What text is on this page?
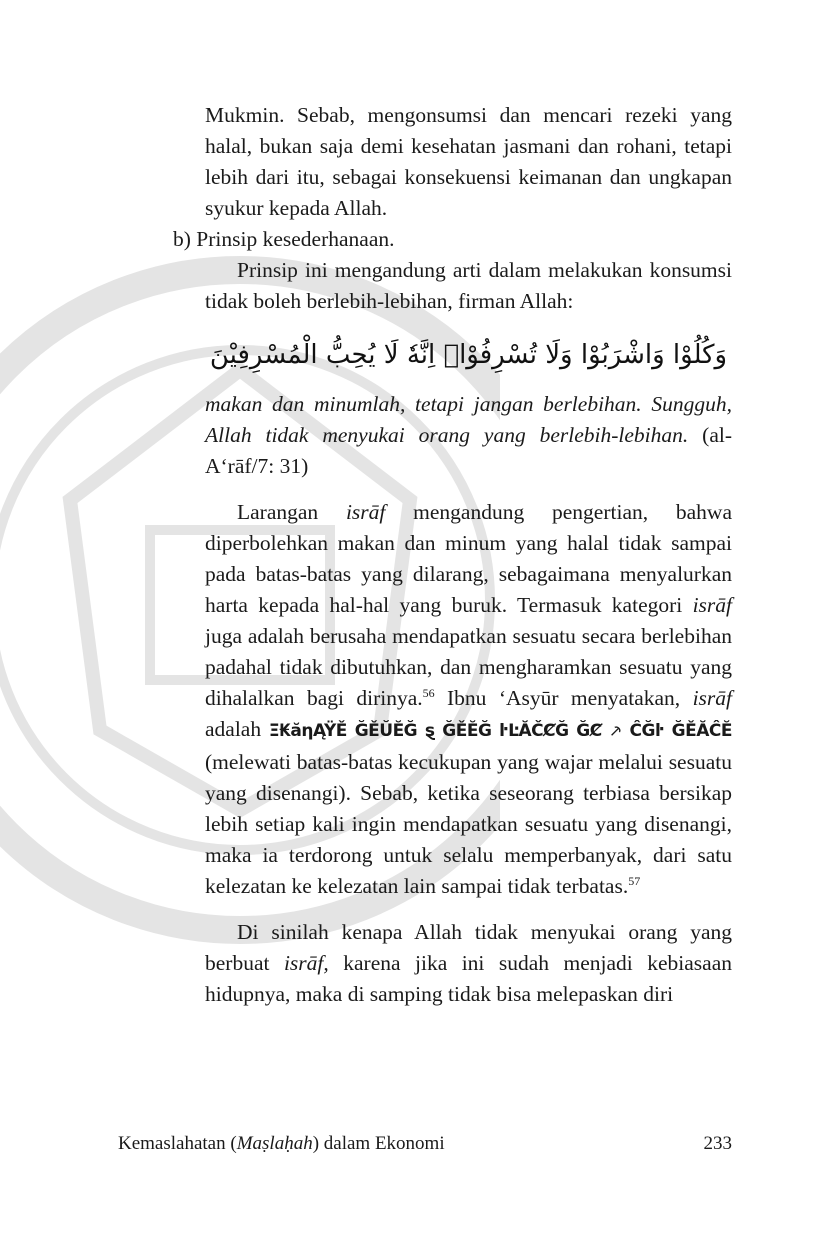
Mukmin. Sebab, mengonsumsi dan mencari rezeki yang halal, bukan saja demi kesehatan jasmani dan rohani, tetapi lebih dari itu, sebagai konsekuensi keimanan dan ungkapan syukur kepada Allah.

b) Prinsip kesederhanaan.

Prinsip ini mengandung arti dalam melakukan konsumsi tidak boleh berlebih-lebihan, firman Allah:

وَكُلُوْا وَاشْرَبُوْا وَلَا تُسْرِفُوْاۚ اِنَّهٗ لَا يُحِبُّ الْمُسْرِفِيْنَ

makan dan minumlah, tetapi jangan berlebihan. Sungguh, Allah tidak menyukai orang yang berlebih-lebihan. (al-A‘rāf/7: 31)

Larangan isrāf mengandung pengertian, bahwa diperbolehkan makan dan minum yang halal tidak sampai pada batas-batas yang dilarang, sebagaimana menyalurkan harta kepada hal-hal yang buruk. Termasuk kategori isrāf juga adalah berusaha mendapatkan sesuatu secara berlebihan padahal tidak dibutuhkan, dan mengharamkan sesuatu yang dihalalkan bagi dirinya.$^{56}$ Ibnu ‘Asyūr menyatakan, isrāf adalah Ξ₭ăƞĄŸĚ ĞĚŬĔĞ ȿ ĞĚĔĞ ŀĿĂČȻĞ ĞȻ ⸕ ĈĞŀ ĞĚĂĈĔ (melewati batas-batas kecukupan yang wajar melalui sesuatu yang disenangi). Sebab, ketika seseorang terbiasa bersikap lebih setiap kali ingin mendapatkan sesuatu yang disenangi, maka ia terdorong untuk selalu memperbanyak, dari satu kelezatan ke kelezatan lain sampai tidak terbatas.$^{57}$

Di sinilah kenapa Allah tidak menyukai orang yang berbuat isrāf, karena jika ini sudah menjadi kebiasaan hidupnya, maka di samping tidak bisa melepaskan diri

Kemaslahatan (Maṣlaḥah) dalam Ekonomi	233
